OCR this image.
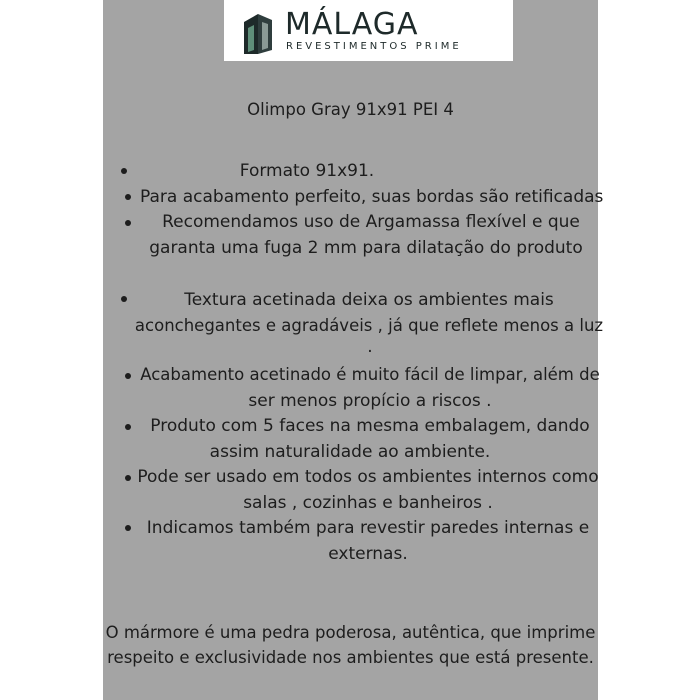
MÁLAGA
REVESTIMENTOS PRIME
Olimpo Gray 91x91 PEI 4
Formato 91x91.
Para acabamento perfeito, suas bordas são retificadas
Recomendamos uso de Argamassa flexível e que
garanta uma fuga 2 mm para dilatação do produto
Textura acetinada deixa os ambientes mais
aconchegantes e agradáveis , já que reflete menos a luz
.
Acabamento acetinado é muito fácil de limpar, além de
ser menos propício a riscos .
Produto com 5 faces na mesma embalagem, dando
assim naturalidade ao ambiente.
Pode ser usado em todos os ambientes internos como
salas , cozinhas e banheiros .
Indicamos também para revestir paredes internas e
externas.
O mármore é uma pedra poderosa, autêntica, que imprime
respeito e exclusividade nos ambientes que está presente.
